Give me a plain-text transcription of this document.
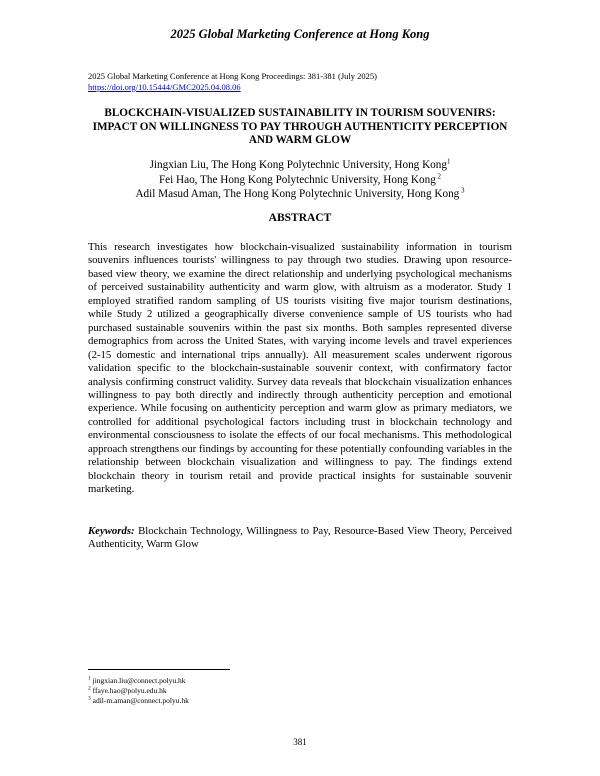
2025 Global Marketing Conference at Hong Kong
2025 Global Marketing Conference at Hong Kong Proceedings: 381-381 (July 2025)
https://doi.org/10.15444/GMC2025.04.08.06
BLOCKCHAIN-VISUALIZED SUSTAINABILITY IN TOURISM SOUVENIRS: IMPACT ON WILLINGNESS TO PAY THROUGH AUTHENTICITY PERCEPTION AND WARM GLOW
Jingxian Liu, The Hong Kong Polytechnic University, Hong Kong$^1$
Fei Hao, The Hong Kong Polytechnic University, Hong Kong $^2$
Adil Masud Aman, The Hong Kong Polytechnic University, Hong Kong $^3$
ABSTRACT

This research investigates how blockchain-visualized sustainability information in tourism souvenirs influences tourists' willingness to pay through two studies. Drawing upon resource-based view theory, we examine the direct relationship and underlying psychological mechanisms of perceived sustainability authenticity and warm glow, with altruism as a moderator. Study 1 employed stratified random sampling of US tourists visiting five major tourism destinations, while Study 2 utilized a geographically diverse convenience sample of US tourists who had purchased sustainable souvenirs within the past six months. Both samples represented diverse demographics from across the United States, with varying income levels and travel experiences (2-15 domestic and international trips annually). All measurement scales underwent rigorous validation specific to the blockchain-sustainable souvenir context, with confirmatory factor analysis confirming construct validity. Survey data reveals that blockchain visualization enhances willingness to pay both directly and indirectly through authenticity perception and emotional experience. While focusing on authenticity perception and warm glow as primary mediators, we controlled for additional psychological factors including trust in blockchain technology and environmental consciousness to isolate the effects of our focal mechanisms. This methodological approach strengthens our findings by accounting for these potentially confounding variables in the relationship between blockchain visualization and willingness to pay. The findings extend blockchain theory in tourism retail and provide practical insights for sustainable souvenir marketing.

Keywords: Blockchain Technology, Willingness to Pay, Resource-Based View Theory, Perceived Authenticity, Warm Glow

$^1$ jingxian.liu@connect.polyu.hk
$^2$ ffaye.hao@polyu.edu.hk
$^3$ adil-m.aman@connect.polyu.hk
381
